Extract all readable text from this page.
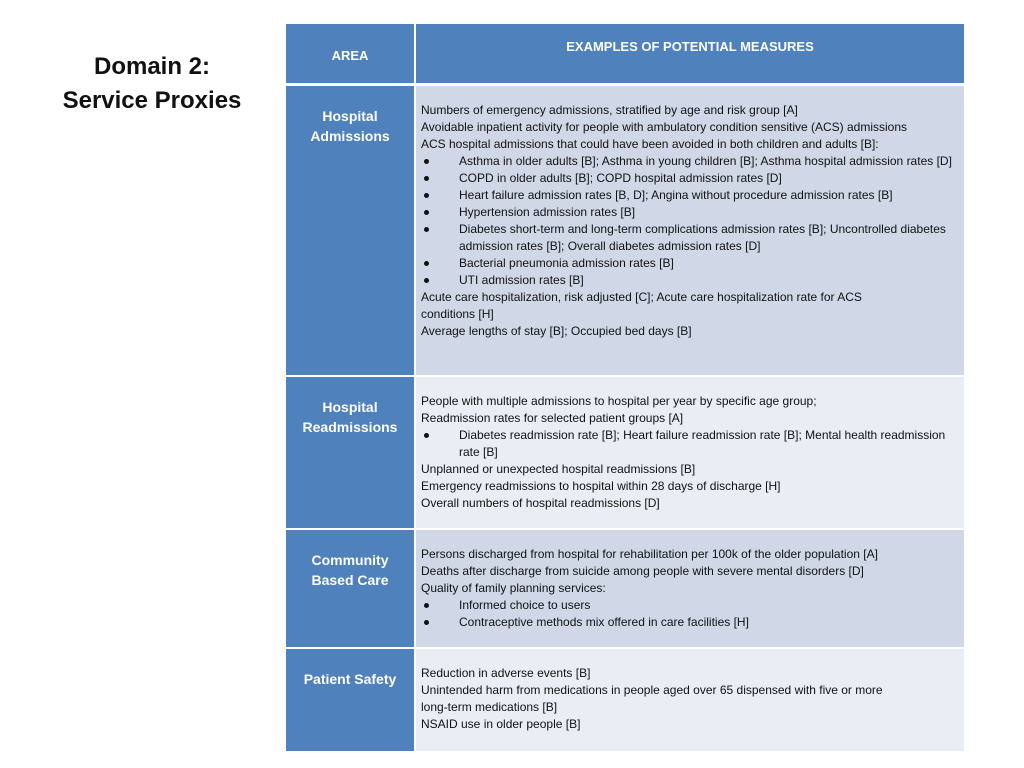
Domain 2:
Service Proxies
AREA
EXAMPLES OF POTENTIAL MEASURES
Hospital
Admissions
Numbers of emergency admissions, stratified by age and risk group [A]
Avoidable inpatient activity for people with ambulatory condition sensitive (ACS) admissions
ACS hospital admissions that could have been avoided in both children and adults [B]:
Asthma in older adults [B]; Asthma in young children [B]; Asthma hospital admission rates [D]
COPD in older adults [B]; COPD hospital admission rates [D]
Heart failure admission rates [B, D]; Angina without procedure admission rates [B]
Hypertension admission rates [B]
Diabetes short-term and long-term complications admission rates [B]; Uncontrolled diabetes admission rates [B]; Overall diabetes admission rates [D]
Bacterial pneumonia admission rates [B]
UTI admission rates [B]
Acute care hospitalization, risk adjusted [C]; Acute care hospitalization rate for ACS
conditions [H]
Average lengths of stay [B]; Occupied bed days [B]
Hospital
Readmissions
People with multiple admissions to hospital per year by specific age group;
Readmission rates for selected patient groups [A]
Diabetes readmission rate [B]; Heart failure readmission rate [B]; Mental health readmission rate [B]
Unplanned or unexpected hospital readmissions [B]
Emergency readmissions to hospital within 28 days of discharge [H]
Overall numbers of hospital readmissions [D]
Community
Based Care
Persons discharged from hospital for rehabilitation per 100k of the older population [A]
Deaths after discharge from suicide among people with severe mental disorders [D]
Quality of family planning services:
Informed choice to users
Contraceptive methods mix offered in care facilities [H]
Patient Safety	Reduction in adverse events [B]
Unintended harm from medications in people aged over 65 dispensed with five or more
long-term medications [B]
NSAID use in older people [B]
